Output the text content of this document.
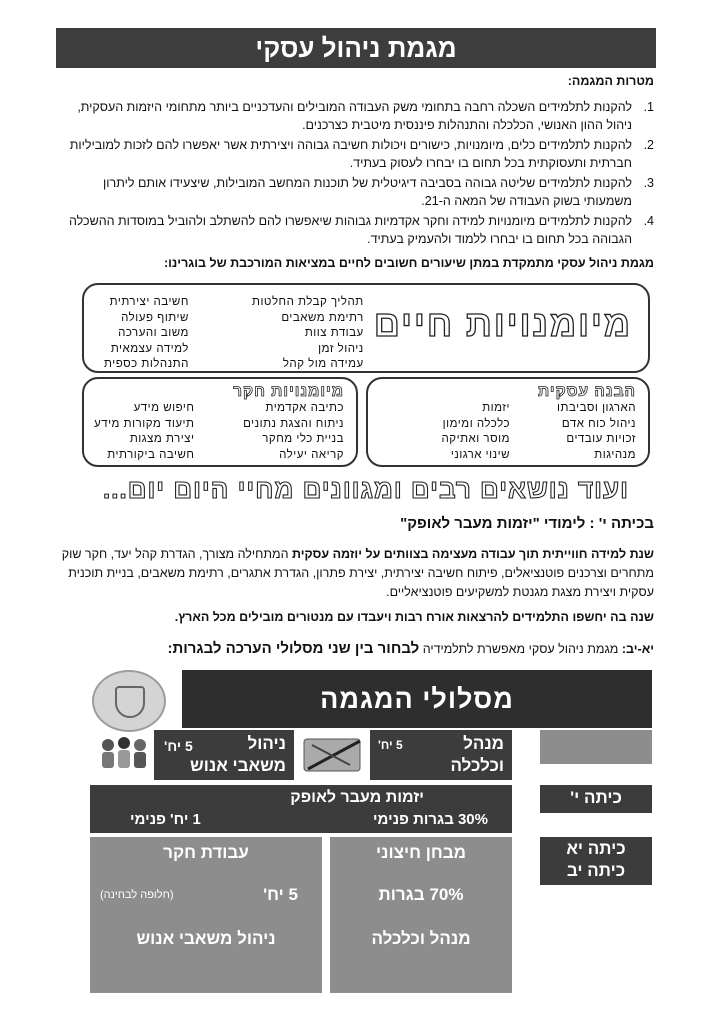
מגמת ניהול עסקי
מטרות המגמה:
1.
להקנות לתלמידים השכלה רחבה בתחומי משק העבודה המובילים והעדכניים ביותר מתחומי היזמות העסקית, ניהול ההון האנושי, הכלכלה והתנהלות פיננסית מיטבית כצרכנים.
2.
להקנות לתלמידים כלים, מיומנויות, כישורים ויכולות חשיבה גבוהה ויצירתית אשר יאפשרו להם לזכות למוביליות חברתית ותעסוקתית בכל תחום בו יבחרו לעסוק בעתיד.
3.
להקנות לתלמידים שליטה גבוהה בסביבה דיגיטלית של תוכנות המחשב המובילות, שיצעידו אותם ליתרון משמעותי בשוק העבודה של המאה ה-21.
4.
להקנות לתלמידים מיומנויות למידה וחקר אקדמיות גבוהות שיאפשרו להם להשתלב ולהוביל במוסדות ההשכלה הגבוהה בכל תחום בו יבחרו ללמוד ולהעמיק בעתיד.
מגמת ניהול עסקי מתמקדת במתן שיעורים חשובים לחיים במציאות המורכבת של בוגרינו:
מיומנויות חיים
תהליך קבלת החלטות
רתימת משאבים
עבודת צוות
ניהול זמן
עמידה מול קהל
חשיבה יצירתית
שיתוף פעולה
משוב והערכה
למידה עצמאית
התנהלות כספית
הבנה עסקית
הארגון וסביבתו
ניהול כוח אדם
זכויות עובדים
מנהיגות
יזמות
כלכלה ומימון
מוסר ואתיקה
שינוי ארגוני
מיומנויות חקר
כתיבה אקדמית
ניתוח והצגת נתונים
בניית כלי מחקר
קריאה יעילה
חיפוש מידע
תיעוד מקורות מידע
יצירת מצגות
חשיבה ביקורתית
ועוד נושאים רבים ומגוונים מחיי היום יום...
בכיתה י' : לימודי "יזמות מעבר לאופק"
שנת למידה חווייתית תוך עבודה מעצימה בצוותים על יוזמה עסקית המתחילה מצורך, הגדרת קהל יעד, חקר שוק מתחרים וצרכנים פוטנציאלים, פיתוח חשיבה יצירתית, יצירת פתרון, הגדרת אתגרים, רתימת משאבים, בניית תוכנית עסקית ויצירת מצגת מגנטת למשקיעים פוטנציאליים.
שנה בה יחשפו התלמידים להרצאות אורח רבות ויעבדו עם מנטורים מובילים מכל הארץ.
יא-יב: מגמת ניהול עסקי מאפשרת לתלמידיה לבחור בין שני מסלולי הערכה לבגרות:
מסלולי המגמה
מנהל
וכלכלה
5 יח'
ניהול
משאבי אנוש
5 יח'
כיתה י'
יזמות מעבר לאופק
30% בגרות פנימי
1 יח' פנימי
כיתה יא
כיתה יב
מבחן חיצוני
70% בגרות
מנהל וכלכלה
עבודת חקר
5 יח'
(חלופה לבחינה)
ניהול משאבי אנוש
